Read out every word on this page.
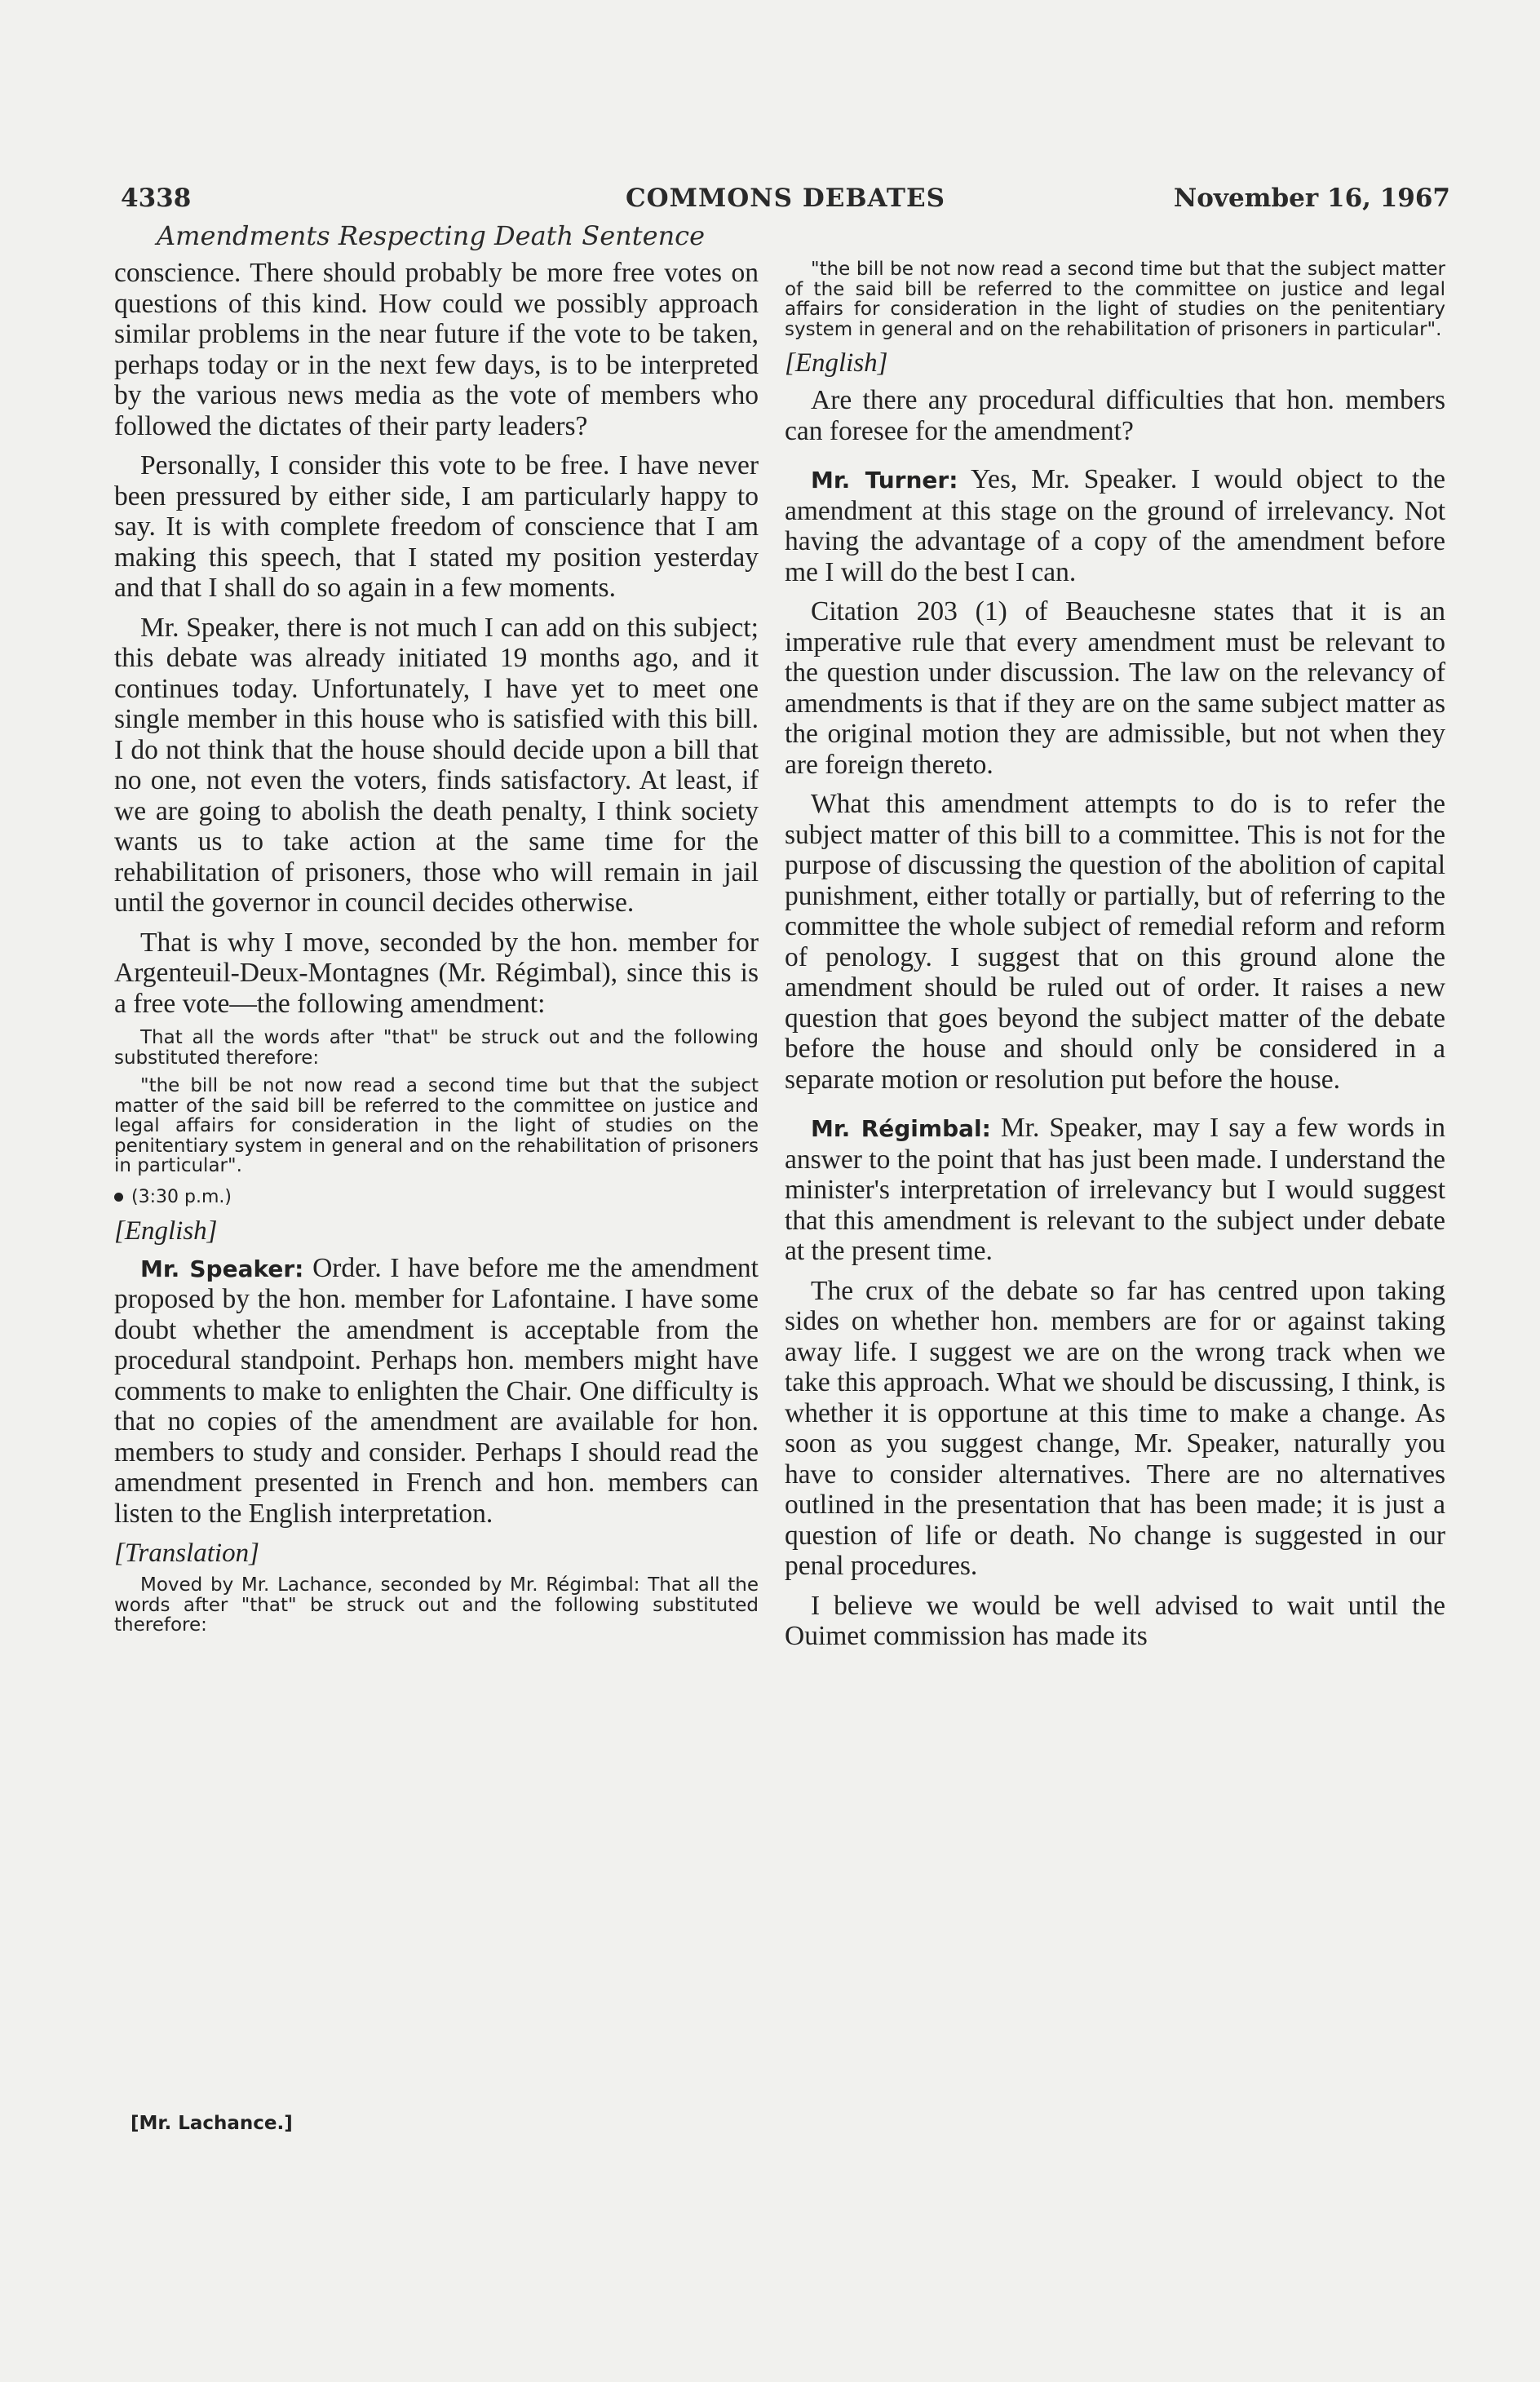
4338	COMMONS DEBATES	November 16, 1967
Amendments Respecting Death Sentence

conscience. There should probably be more free votes on questions of this kind. How could we possibly approach similar problems in the near future if the vote to be taken, perhaps today or in the next few days, is to be interpreted by the various news media as the vote of members who followed the dictates of their party leaders?

Personally, I consider this vote to be free. I have never been pressured by either side, I am particularly happy to say. It is with complete freedom of conscience that I am making this speech, that I stated my position yesterday and that I shall do so again in a few moments.

Mr. Speaker, there is not much I can add on this subject; this debate was already initiated 19 months ago, and it continues today. Unfortunately, I have yet to meet one single member in this house who is satisfied with this bill. I do not think that the house should decide upon a bill that no one, not even the voters, finds satisfactory. At least, if we are going to abolish the death penalty, I think society wants us to take action at the same time for the rehabilitation of prisoners, those who will remain in jail until the governor in council decides otherwise.

That is why I move, seconded by the hon. member for Argenteuil-Deux-Montagnes (Mr. Régimbal), since this is a free vote—the following amendment:

That all the words after "that" be struck out and the following substituted therefore:

"the bill be not now read a second time but that the subject matter of the said bill be referred to the committee on justice and legal affairs for consideration in the light of studies on the penitentiary system in general and on the rehabilitation of prisoners in particular".

(3:30 p.m.)
[English]

Mr. Speaker: Order. I have before me the amendment proposed by the hon. member for Lafontaine. I have some doubt whether the amendment is acceptable from the procedural standpoint. Perhaps hon. members might have comments to make to enlighten the Chair. One difficulty is that no copies of the amendment are available for hon. members to study and consider. Perhaps I should read the amendment presented in French and hon. members can listen to the English interpretation.

[Translation]

Moved by Mr. Lachance, seconded by Mr. Régimbal: That all the words after "that" be struck out and the following substituted therefore:

[Mr. Lachance.]

"the bill be not now read a second time but that the subject matter of the said bill be referred to the committee on justice and legal affairs for consideration in the light of studies on the penitentiary system in general and on the rehabilitation of prisoners in particular".

[English]

Are there any procedural difficulties that hon. members can foresee for the amendment?

Mr. Turner: Yes, Mr. Speaker. I would object to the amendment at this stage on the ground of irrelevancy. Not having the advantage of a copy of the amendment before me I will do the best I can.

Citation 203 (1) of Beauchesne states that it is an imperative rule that every amendment must be relevant to the question under discussion. The law on the relevancy of amendments is that if they are on the same subject matter as the original motion they are admissible, but not when they are foreign thereto.

What this amendment attempts to do is to refer the subject matter of this bill to a committee. This is not for the purpose of discussing the question of the abolition of capital punishment, either totally or partially, but of referring to the committee the whole subject of remedial reform and reform of penology. I suggest that on this ground alone the amendment should be ruled out of order. It raises a new question that goes beyond the subject matter of the debate before the house and should only be considered in a separate motion or resolution put before the house.

Mr. Régimbal: Mr. Speaker, may I say a few words in answer to the point that has just been made. I understand the minister's interpretation of irrelevancy but I would suggest that this amendment is relevant to the subject under debate at the present time.

The crux of the debate so far has centred upon taking sides on whether hon. members are for or against taking away life. I suggest we are on the wrong track when we take this approach. What we should be discussing, I think, is whether it is opportune at this time to make a change. As soon as you suggest change, Mr. Speaker, naturally you have to consider alternatives. There are no alternatives outlined in the presentation that has been made; it is just a question of life or death. No change is suggested in our penal procedures.

I believe we would be well advised to wait until the Ouimet commission has made its
